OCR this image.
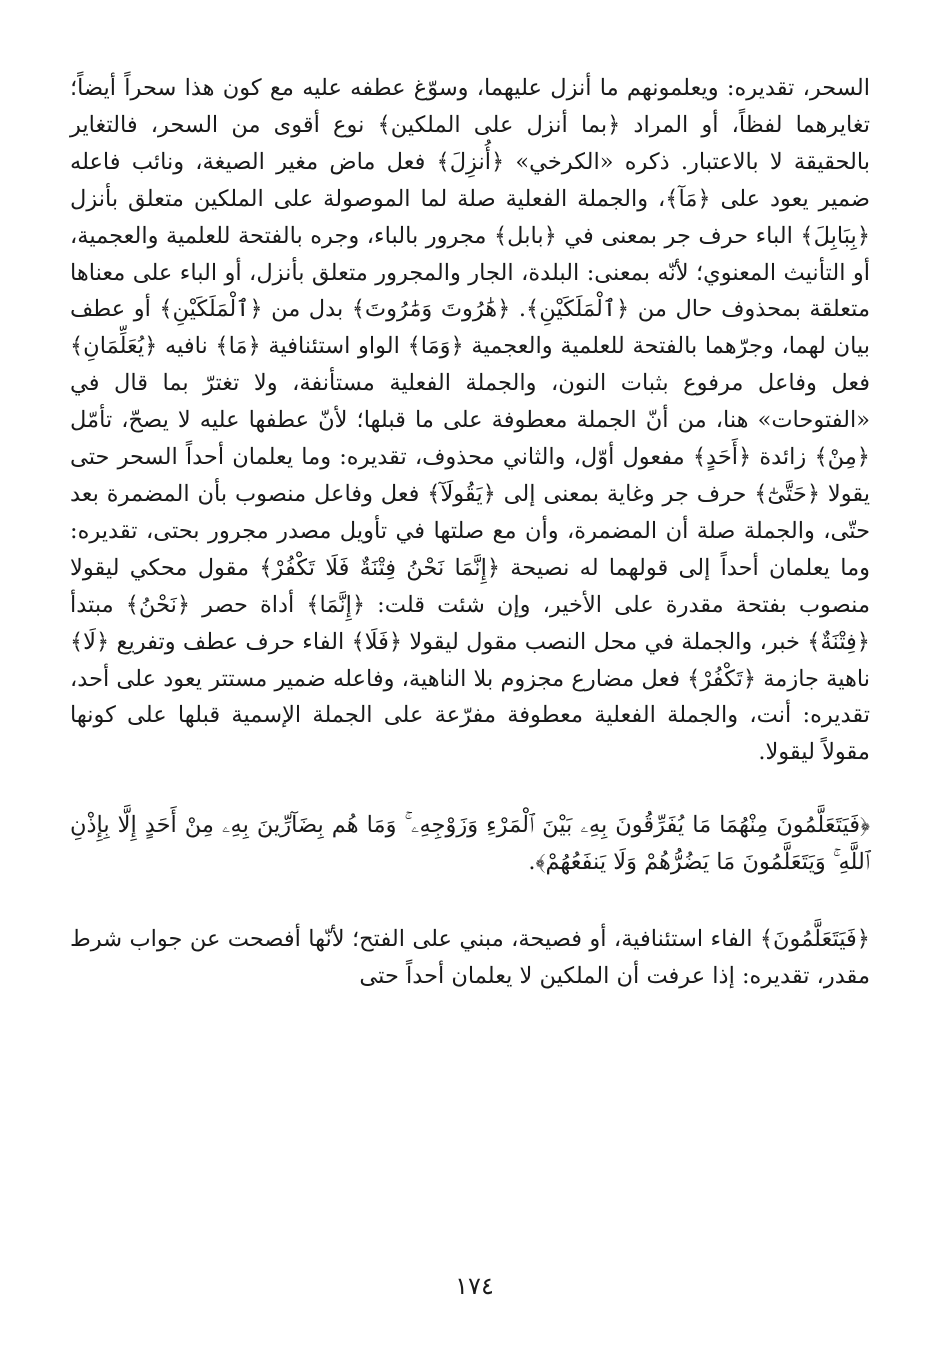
السحر، تقديره: ويعلمونهم ما أنزل عليهما، وسوّغ عطفه عليه مع كون هذا سحراً أيضاً؛ تغايرهما لفظاً، أو المراد ﴿بما أنزل على الملكين﴾ نوع أقوى من السحر، فالتغاير بالحقيقة لا بالاعتبار. ذكره «الكرخي» ﴿أُنزِلَ﴾ فعل ماض مغير الصيغة، ونائب فاعله ضمير يعود على ﴿مَآ﴾، والجملة الفعلية صلة لما الموصولة على الملكين متعلق بأنزل ﴿بِبَابِلَ﴾ الباء حرف جر بمعنى في ﴿بابل﴾ مجرور بالباء، وجره بالفتحة للعلمية والعجمية، أو التأنيث المعنوي؛ لأنّه بمعنى: البلدة، الجار والمجرور متعلق بأنزل، أو الباء على معناها متعلقة بمحذوف حال من ﴿ٱلْمَلَكَيْنِ﴾. ﴿هَٰرُوتَ وَمَٰرُوتَ﴾ بدل من ﴿ٱلْمَلَكَيْنِ﴾ أو عطف بيان لهما، وجرّهما بالفتحة للعلمية والعجمية ﴿وَمَا﴾ الواو استئنافية ﴿مَا﴾ نافيه ﴿يُعَلِّمَانِ﴾ فعل وفاعل مرفوع بثبات النون، والجملة الفعلية مستأنفة، ولا تغترّ بما قال في «الفتوحات» هنا، من أنّ الجملة معطوفة على ما قبلها؛ لأنّ عطفها عليه لا يصحّ، تأمّل ﴿مِنْ﴾ زائدة ﴿أَحَدٍ﴾ مفعول أوّل، والثاني محذوف، تقديره: وما يعلمان أحداً السحر حتى يقولا ﴿حَتَّىٰٓ﴾ حرف جر وغاية بمعنى إلى ﴿يَقُولَآ﴾ فعل وفاعل منصوب بأن المضمرة بعد حتّى، والجملة صلة أن المضمرة، وأن مع صلتها في تأويل مصدر مجرور بحتى، تقديره: وما يعلمان أحداً إلى قولهما له نصيحة ﴿إِنَّمَا نَحْنُ فِتْنَةٌ فَلَا تَكْفُرْ﴾ مقول محكي ليقولا منصوب بفتحة مقدرة على الأخير، وإن شئت قلت: ﴿إِنَّمَا﴾ أداة حصر ﴿نَحْنُ﴾ مبتدأ ﴿فِتْنَةٌ﴾ خبر، والجملة في محل النصب مقول ليقولا ﴿فَلَا﴾ الفاء حرف عطف وتفريع ﴿لَا﴾ ناهية جازمة ﴿تَكْفُرْ﴾ فعل مضارع مجزوم بلا الناهية، وفاعله ضمير مستتر يعود على أحد، تقديره: أنت، والجملة الفعلية معطوفة مفرّعة على الجملة الإسمية قبلها على كونها مقولاً ليقولا.

﴿فَيَتَعَلَّمُونَ مِنْهُمَا مَا يُفَرِّقُونَ بِهِۦ بَيْنَ ٱلْمَرْءِ وَزَوْجِهِۦ ۚ وَمَا هُم بِضَآرِّينَ بِهِۦ مِنْ أَحَدٍ إِلَّا بِإِذْنِ ٱللَّهِ ۚ وَيَتَعَلَّمُونَ مَا يَضُرُّهُمْ وَلَا يَنفَعُهُمْ﴾.

﴿فَيَتَعَلَّمُونَ﴾ الفاء استئنافية، أو فصيحة، مبني على الفتح؛ لأنّها أفصحت عن جواب شرط مقدر، تقديره: إذا عرفت أن الملكين لا يعلمان أحداً حتى

١٧٤
